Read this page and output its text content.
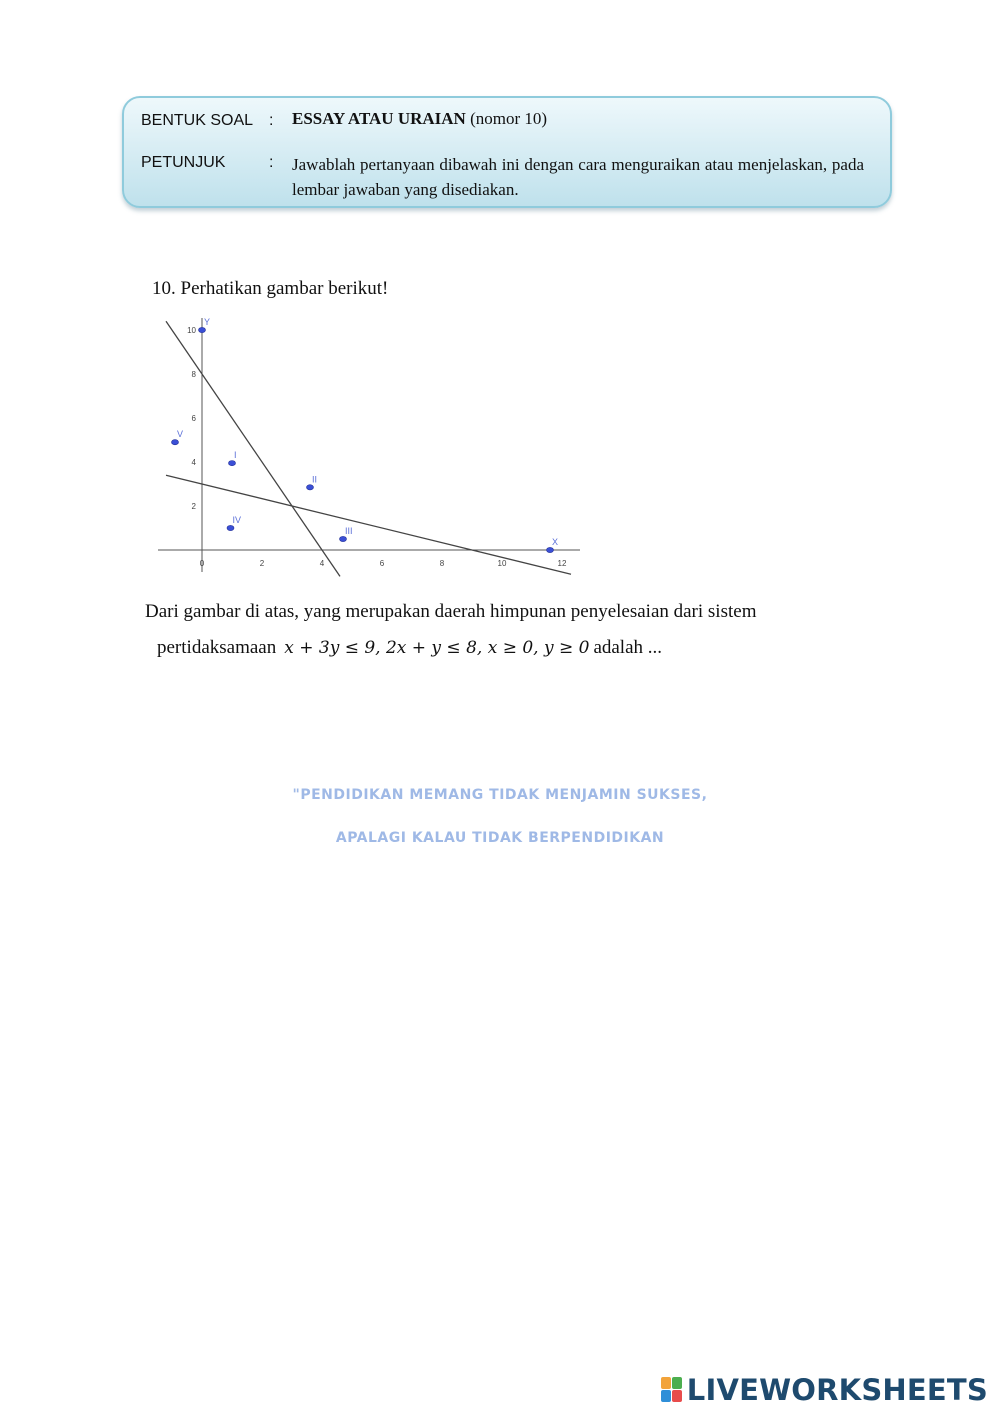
BENTUK SOAL : ESSAY ATAU URAIAN (nomor 10)
PETUNJUK	: Jawablah pertanyaan dibawah ini dengan cara menguraikan atau menjelaskan, pada lembar jawaban yang disediakan.
10. Perhatikan gambar berikut!
0	2	4	6	8	10	12
2
4
6
8
10
Y
V
I
II
IV
III
X
Dari gambar di atas, yang merupakan daerah himpunan penyelesaian dari sistem
pertidaksamaan x + 3y ≤ 9, 2x + y ≤ 8, x ≥ 0, y ≥ 0 adalah ...
"PENDIDIKAN MEMANG TIDAK MENJAMIN SUKSES,
APALAGI KALAU TIDAK BERPENDIDIKAN
LIVEWORKSHEETS
